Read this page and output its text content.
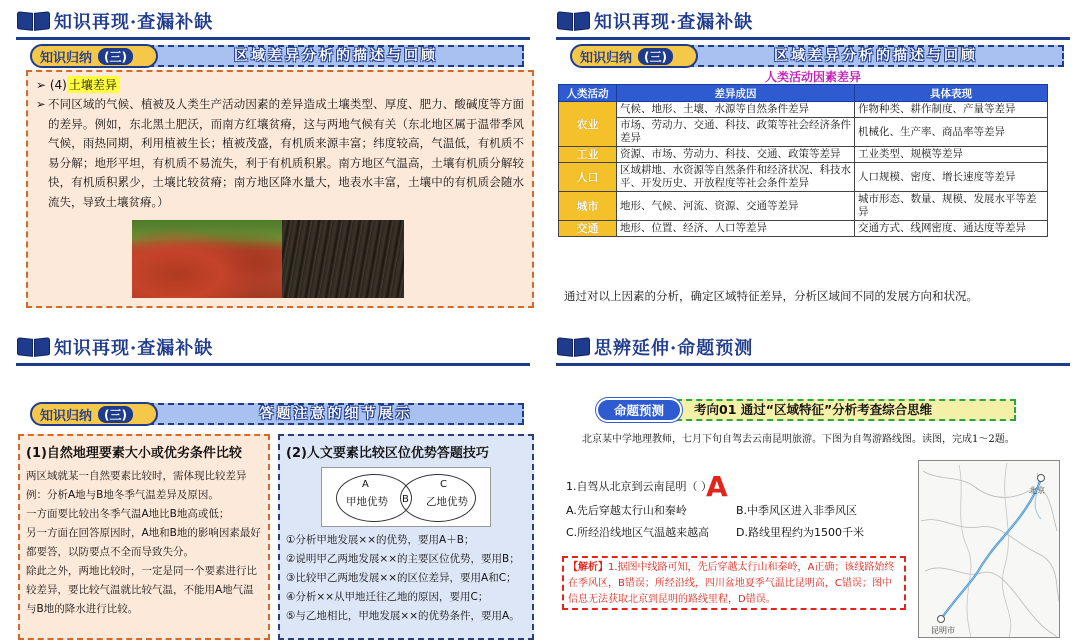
知识再现·查漏补缺
区域差异分析的描述与回顾
知识归纳	(三)
➢ (4) 土壤差异
➢ 不同区域的气候、植被及人类生产活动因素的差异造成土壤类型、厚度、肥力、酸碱度等方面的差异。例如，东北黑土肥沃，而南方红壤贫瘠，这与两地气候有关（东北地区属于温带季风气候，雨热同期，利用植被生长；植被茂盛，有机质来源丰富；纬度较高，气温低，有机质不易分解；地形平坦，有机质不易流失，利于有机质积累。南方地区气温高，土壤有机质分解较快，有机质积累少，土壤比较贫瘠；南方地区降水量大，地表水丰富，土壤中的有机质会随水流失，导致土壤贫瘠。）
知识再现·查漏补缺
区域差异分析的描述与回顾
知识归纳	(三)
人类活动因素差异
人类活动	差异成因	具体表现
农业	气候、地形、土壤、水源等自然条件差异	作物种类、耕作制度、产量等差异
	市场、劳动力、交通、科技、政策等社会经济条件差异	机械化、生产率、商品率等差异
工业	资源、市场、劳动力、科技、交通、政策等差异	工业类型、规模等差异
人口	区域耕地、水资源等自然条件和经济状况、科技水平、开发历史、开放程度等社会条件差异	人口规模、密度、增长速度等差异
城市	地形、气候、河流、资源、交通等差异	城市形态、数量、规模、发展水平等差异
交通	地形、位置、经济、人口等差异	交通方式、线网密度、通达度等差异
通过对以上因素的分析，确定区域特征差异，分析区域间不同的发展方向和状况。
知识再现·查漏补缺
答题注意的细节展示
知识归纳	(三)
(1)自然地理要素大小或优劣条件比较

两区域就某一自然要素比较时，需体现比较差异

例：分析A地与B地冬季气温差异及原因。

一方面要比较出冬季气温A地比B地高或低；

另一方面在回答原因时，A地和B地的影响因素最好都要答，以防要点不全而导致失分。

除此之外，两地比较时，一定是同一个要素进行比较差异，要比较气温就比较气温，不能用A地气温与B地的降水进行比较。

(2)人文要素比较区位优势答题技巧
A
B
C
甲地优势	乙地优势

①分析甲地发展××的优势，要用A＋B；

②说明甲乙两地发展××的主要区位优势，要用B；

③比较甲乙两地发展××的区位差异，要用A和C；

④分析××从甲地迁往乙地的原因，要用C；

⑤与乙地相比，甲地发展××的优势条件，要用A。

思辨延伸·命题预测
考向01 通过“区域特征”分析考查综合思维
命题预测
北京某中学地理教师，七月下旬自驾去云南昆明旅游。下图为自驾游路线图。读图，完成1～2题。
1.自驾从北京到云南昆明（ ）
A
A.先后穿越太行山和秦岭	B.中季风区进入非季风区
C.所经沿线地区气温越来越高 D.路线里程约为1500千米
【解析】1.据图中线路可知，先后穿越太行山和秦岭，A正确；该线路始终在季风区，B错误；所经沿线，四川盆地夏季气温比昆明高，C错误；图中信息无法获取北京到昆明的路线里程，D错误。
北京
昆明市
